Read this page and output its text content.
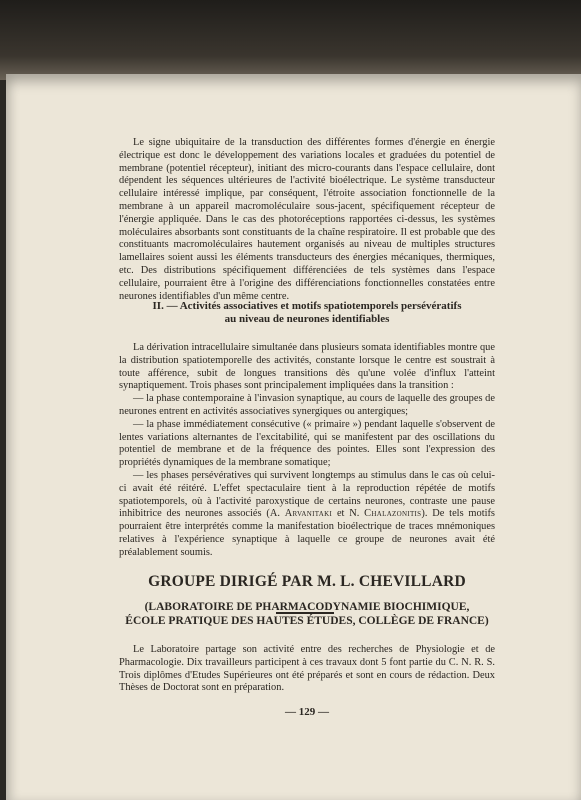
Le signe ubiquitaire de la transduction des différentes formes d'énergie en énergie électrique est donc le développement des variations locales et graduées du potentiel de membrane (potentiel récepteur), initiant des micro-courants dans l'espace cellulaire, dont dépendent les séquences ultérieures de l'activité bioélectrique. Le système transducteur cellulaire intéressé implique, par conséquent, l'étroite association fonctionnelle de la membrane à un appareil macromoléculaire sous-jacent, spécifiquement récepteur de l'énergie appliquée. Dans le cas des photoréceptions rapportées ci-dessus, les systèmes moléculaires absorbants sont constituants de la chaîne respiratoire. Il est probable que des constituants macromoléculaires hautement organisés au niveau de multiples structures lamellaires soient aussi les éléments transducteurs des énergies mécaniques, thermiques, etc. Des distributions spécifiquement différenciées de tels systèmes dans l'espace cellulaire, pourraient être à l'origine des différenciations fonctionnelles constatées entre neurones identifiables d'un même centre.

II. — Activités associatives et motifs spatiotemporels persévératifs
au niveau de neurones identifiables

La dérivation intracellulaire simultanée dans plusieurs somata identifiables montre que la distribution spatiotemporelle des activités, constante lorsque le centre est soustrait à toute afférence, subit de longues transitions dès qu'une volée d'influx l'atteint synaptiquement. Trois phases sont principalement impliquées dans la transition :

— la phase contemporaine à l'invasion synaptique, au cours de laquelle des groupes de neurones entrent en activités associatives synergiques ou antergiques;

— la phase immédiatement consécutive (« primaire ») pendant laquelle s'observent de lentes variations alternantes de l'excitabilité, qui se manifestent par des oscillations du potentiel de membrane et de la fréquence des pointes. Elles sont l'expression des propriétés dynamiques de la membrane somatique;

— les phases persévératives qui survivent longtemps au stimulus dans le cas où celui-ci avait été réitéré. L'effet spectaculaire tient à la reproduction répétée de motifs spatiotemporels, où à l'activité paroxystique de certains neurones, contraste une pause inhibitrice des neurones associés (A. Arvanitaki et N. Chalazonitis). De tels motifs pourraient être interprétés comme la manifestation bioélectrique de traces mnémoniques relatives à l'expérience synaptique à laquelle ce groupe de neurones avait été préalablement soumis.

GROUPE DIRIGÉ PAR M. L. CHEVILLARD
(LABORATOIRE DE PHARMACODYNAMIE BIOCHIMIQUE,
ÉCOLE PRATIQUE DES HAUTES ÉTUDES, COLLÈGE DE FRANCE)

Le Laboratoire partage son activité entre des recherches de Physiologie et de Pharmacologie. Dix travailleurs participent à ces travaux dont 5 font partie du C. N. R. S. Trois diplômes d'Etudes Supérieures ont été préparés et sont en cours de rédaction. Deux Thèses de Doctorat sont en préparation.

— 129 —
